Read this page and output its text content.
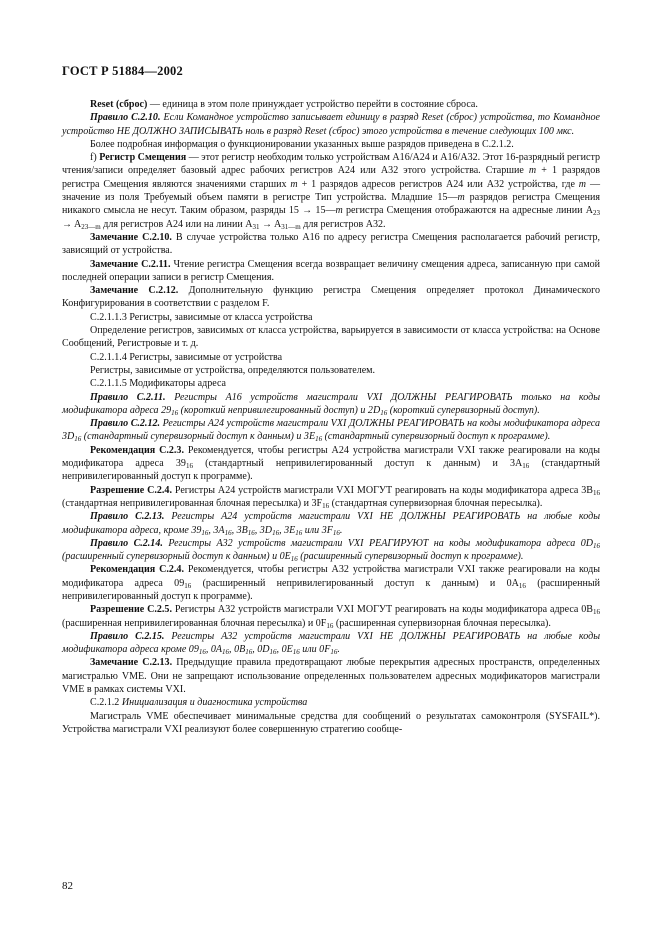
ГОСТ Р 51884—2002

Reset (сброс) — единица в этом поле принуждает устройство перейти в состояние сброса.

Правило C.2.10. Если Командное устройство записывает единицу в разряд Reset (сброс) устройства, то Командное устройство НЕ ДОЛЖНО ЗАПИСЫВАТЬ ноль в разряд Reset (сброс) этого устройства в течение следующих 100 мкс.

Более подробная информация о функционировании указанных выше разрядов приведена в C.2.1.2.

f) Регистр Смещения — этот регистр необходим только устройствам A16/A24 и A16/A32. Этот 16-разрядный регистр чтения/записи определяет базовый адрес рабочих регистров A24 или A32 этого устройства. Старшие m + 1 разрядов регистра Смещения являются значениями старших m + 1 разрядов адресов регистров A24 или A32 устройства, где m — значение из поля Требуемый объем памяти в регистре Тип устройства. Младшие 15—m разрядов регистра Смещения никакого смысла не несут. Таким образом, разряды 15 → 15—m регистра Смещения отображаются на адресные линии $A_{23} \to A_{23—m}$ для регистров A24 или на линии $A_{31} \to A_{31—m}$ для регистров A32.

Замечание C.2.10. В случае устройства только A16 по адресу регистра Смещения располагается рабочий регистр, зависящий от устройства.

Замечание C.2.11. Чтение регистра Смещения всегда возвращает величину смещения адреса, записанную при самой последней операции записи в регистр Смещения.

Замечание C.2.12. Дополнительную функцию регистра Смещения определяет протокол Динамического Конфигурирования в соответствии с разделом F.

C.2.1.1.3 Регистры, зависимые от класса устройства

Определение регистров, зависимых от класса устройства, варьируется в зависимости от класса устройства: на Основе Сообщений, Регистровые и т. д.

C.2.1.1.4 Регистры, зависимые от устройства

Регистры, зависимые от устройства, определяются пользователем.

C.2.1.1.5 Модификаторы адреса

Правило C.2.11. Регистры A16 устройств магистрали VXI ДОЛЖНЫ РЕАГИРОВАТЬ только на коды модификатора адреса $29_{16}$ (короткий непривилегированный доступ) и $2D_{16}$ (короткий супервизорный доступ).

Правило C.2.12. Регистры A24 устройств магистрали VXI ДОЛЖНЫ РЕАГИРОВАТЬ на коды модификатора адреса $3D_{16}$ (стандартный супервизорный доступ к данным) и $3E_{16}$ (стандартный супервизорный доступ к программе).

Рекомендация C.2.3. Рекомендуется, чтобы регистры A24 устройства магистрали VXI также реагировали на коды модификатора адреса $39_{16}$ (стандартный непривилегированный доступ к данным) и $3A_{16}$ (стандартный непривилегированный доступ к программе).

Разрешение C.2.4. Регистры A24 устройств магистрали VXI МОГУТ реагировать на коды модификатора адреса $3B_{16}$ (стандартная непривилегированная блочная пересылка) и $3F_{16}$ (стандартная супервизорная блочная пересылка).

Правило C.2.13. Регистры A24 устройств магистрали VXI НЕ ДОЛЖНЫ РЕАГИРОВАТЬ на любые коды модификатора адреса, кроме $39_{16}$, $3A_{16}$, $3B_{16}$, $3D_{16}$, $3E_{16}$ или $3F_{16}$.

Правило C.2.14. Регистры A32 устройств магистрали VXI РЕАГИРУЮТ на коды модификатора адреса $0D_{16}$ (расширенный супервизорный доступ к данным) и $0E_{16}$ (расширенный супервизорный доступ к программе).

Рекомендация C.2.4. Рекомендуется, чтобы регистры A32 устройства магистрали VXI также реагировали на коды модификатора адреса $09_{16}$ (расширенный непривилегированный доступ к данным) и $0A_{16}$ (расширенный непривилегированный доступ к программе).

Разрешение C.2.5. Регистры A32 устройств магистрали VXI МОГУТ реагировать на коды модификатора адреса $0B_{16}$ (расширенная непривилегированная блочная пересылка) и $0F_{16}$ (расширенная супервизорная блочная пересылка).

Правило C.2.15. Регистры A32 устройств магистрали VXI НЕ ДОЛЖНЫ РЕАГИРОВАТЬ на любые коды модификатора адреса кроме $09_{16}$, $0A_{16}$, $0B_{16}$, $0D_{16}$, $0E_{16}$ или $0F_{16}$.

Замечание C.2.13. Предыдущие правила предотвращают любые перекрытия адресных пространств, определенных магистралью VME. Они не запрещают использование определенных пользователем адресных модификаторов магистрали VME в рамках системы VXI.

C.2.1.2 Инициализация и диагностика устройства

Магистраль VME обеспечивает минимальные средства для сообщений о результатах самоконтроля (SYSFAIL*). Устройства магистрали VXI реализуют более совершенную стратегию сообще-

82
